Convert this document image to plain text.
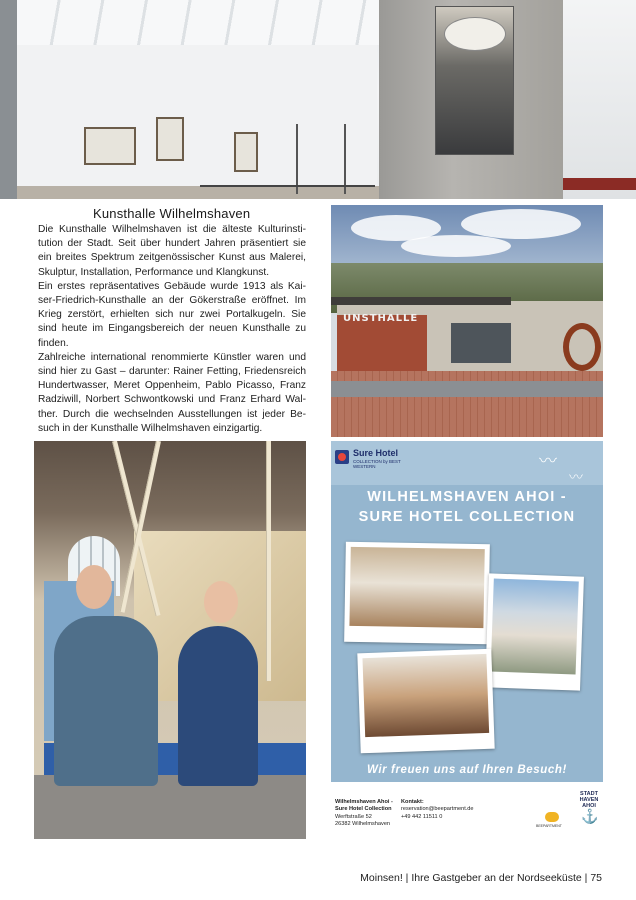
Kunsthalle Wilhelmshaven

Die Kunsthalle Wilhelmshaven ist die älteste Kulturinsti-tution der Stadt. Seit über hundert Jahren präsentiert sie ein breites Spektrum zeitgenössischer Kunst aus Malerei, Skulptur, Installation, Performance und Klangkunst.

Ein erstes repräsentatives Gebäude wurde 1913 als Kai-ser-Friedrich-Kunsthalle an der Gökerstraße eröffnet. Im Krieg zerstört, erhielten sich nur zwei Portalkugeln. Sie sind heute im Eingangsbereich der neuen Kunsthalle zu finden.

Zahlreiche international renommierte Künstler waren und sind hier zu Gast – darunter: Rainer Fetting, Friedensreich Hundertwasser, Meret Oppenheim, Pablo Picasso, Franz Radziwill, Norbert Schwontkowski und Franz Erhard Wal-ther. Durch die wechselnden Ausstellungen ist jeder Be-such in der Kunsthalle Wilhelmshaven einzigartig.

UNSTHALLE
Sure Hotel
COLLECTION by BEST WESTERN	〰
〰
WILHELMSHAVEN AHOI -
SURE HOTEL COLLECTION
Wir freuen uns auf Ihren Besuch!
Wilhelmshaven Ahoi -
Sure Hotel Collection
Werftstraße 52
26382 Wilhelmshaven
Kontakt:
reservation@beepartment.de
+49 442 11511 0
BEEPARTMENT
STADT
HAVEN
AHOI
⚓
Moinsen! | Ihre Gastgeber an der Nordseeküste | 75
